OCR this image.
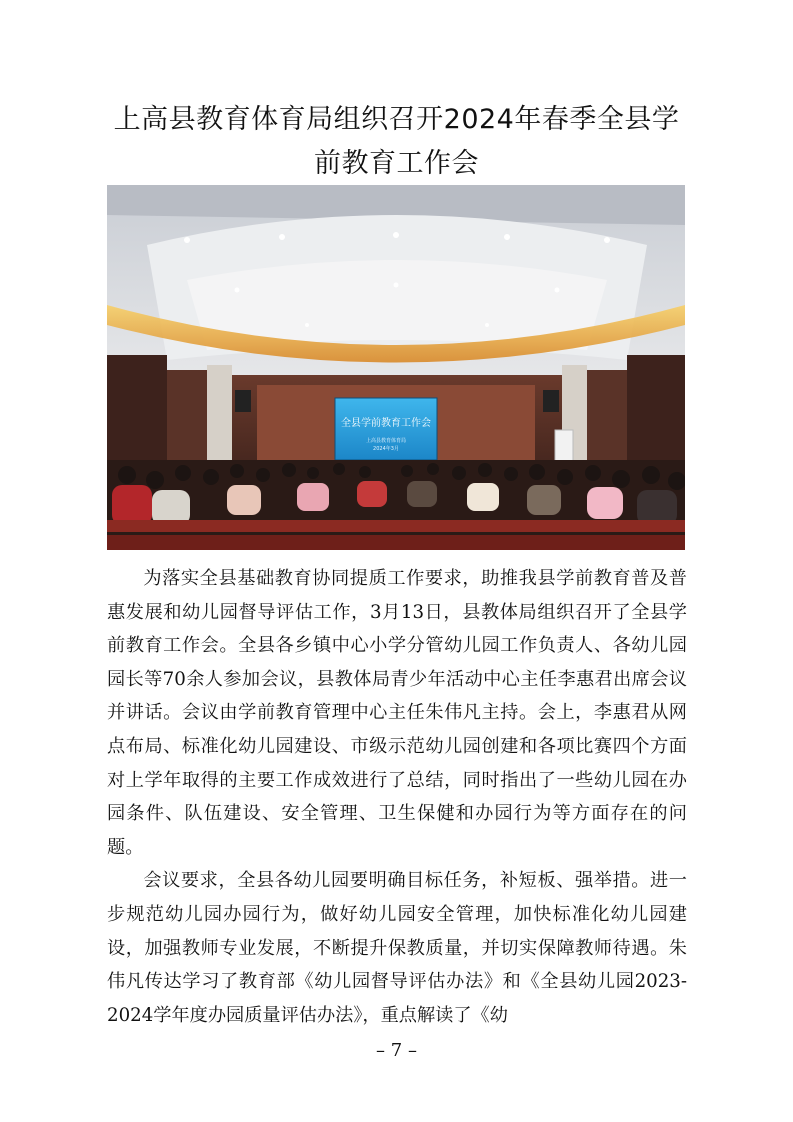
上高县教育体育局组织召开2024年春季全县学前教育工作会
全县学前教育工作会
上高县教育体育局
2024年3月

为落实全县基础教育协同提质工作要求，助推我县学前教育普及普惠发展和幼儿园督导评估工作，3月13日，县教体局组织召开了全县学前教育工作会。全县各乡镇中心小学分管幼儿园工作负责人、各幼儿园园长等70余人参加会议，县教体局青少年活动中心主任李惠君出席会议并讲话。会议由学前教育管理中心主任朱伟凡主持。会上，李惠君从网点布局、标准化幼儿园建设、市级示范幼儿园创建和各项比赛四个方面对上学年取得的主要工作成效进行了总结，同时指出了一些幼儿园在办园条件、队伍建设、安全管理、卫生保健和办园行为等方面存在的问题。

会议要求，全县各幼儿园要明确目标任务，补短板、强举措。进一步规范幼儿园办园行为，做好幼儿园安全管理，加快标准化幼儿园建设，加强教师专业发展，不断提升保教质量，并切实保障教师待遇。朱伟凡传达学习了教育部《幼儿园督导评估办法》和《全县幼儿园2023-2024学年度办园质量评估办法》，重点解读了《幼

– 7 –
